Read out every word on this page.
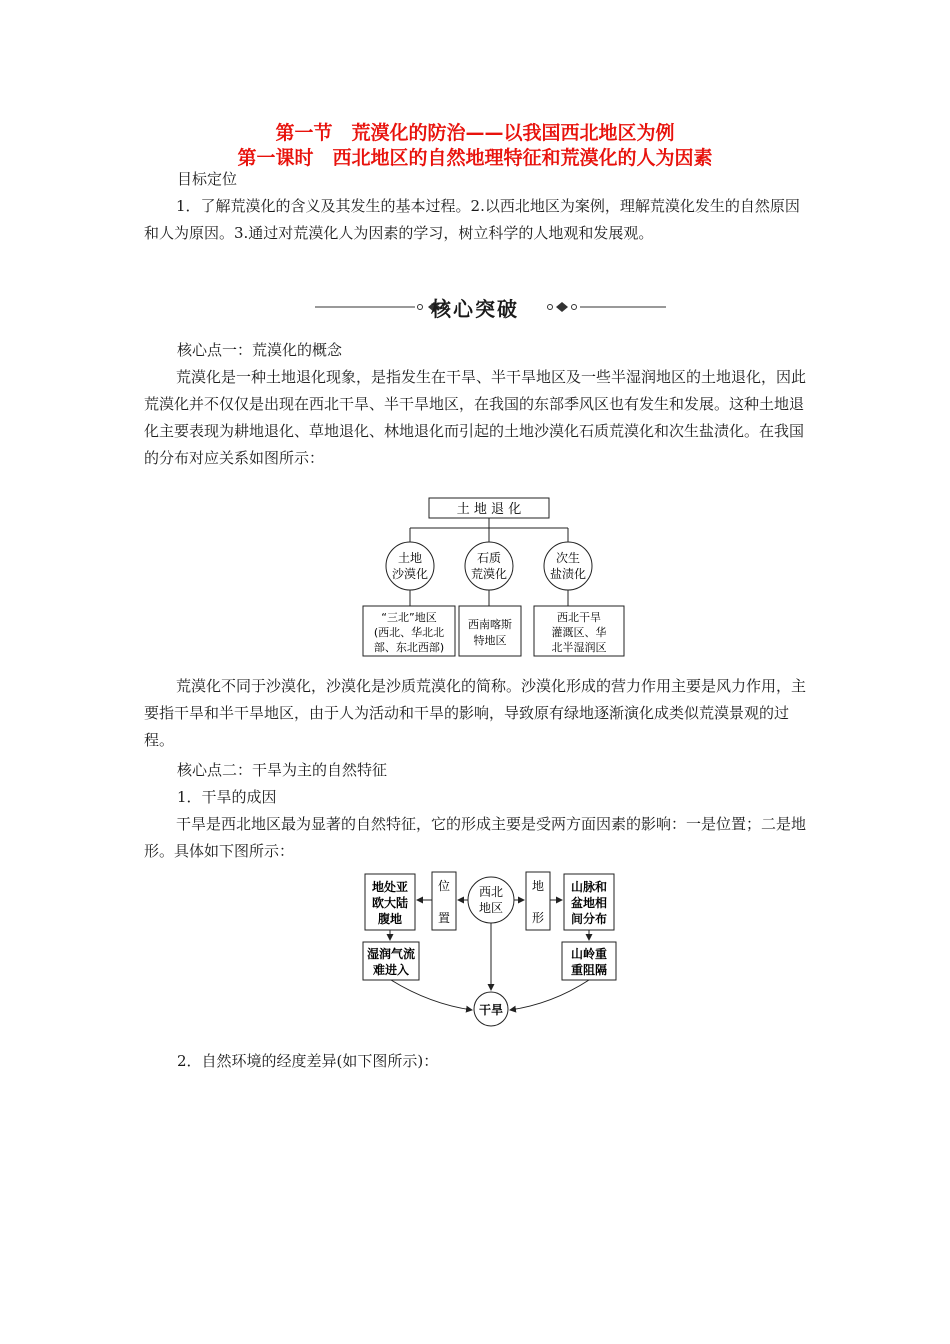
第一节　荒漠化的防治——以我国西北地区为例
第一课时　西北地区的自然地理特征和荒漠化的人为因素
目标定位
1．了解荒漠化的含义及其发生的基本过程。2.以西北地区为案例，理解荒漠化发生的自然原因和人为原因。3.通过对荒漠化人为因素的学习，树立科学的人地观和发展观。
核心突破
核心点一：荒漠化的概念
荒漠化是一种土地退化现象，是指发生在干旱、半干旱地区及一些半湿润地区的土地退化，因此荒漠化并不仅仅是出现在西北干旱、半干旱地区，在我国的东部季风区也有发生和发展。这种土地退化主要表现为耕地退化、草地退化、林地退化而引起的土地沙漠化石质荒漠化和次生盐渍化。在我国的分布对应关系如图所示：
土 地 退 化
土地
沙漠化
石质
荒漠化
次生
盐渍化
“三北”地区
(西北、华北北
部、东北西部)
西南喀斯
特地区
西北干旱
灌溉区、华
北半湿润区
荒漠化不同于沙漠化，沙漠化是沙质荒漠化的简称。沙漠化形成的营力作用主要是风力作用，主要指干旱和半干旱地区，由于人为活动和干旱的影响，导致原有绿地逐渐演化成类似荒漠景观的过程。
核心点二：干旱为主的自然特征
1．干旱的成因
干旱是西北地区最为显著的自然特征，它的形成主要是受两方面因素的影响：一是位置；二是地形。具体如下图所示：
地处亚
欧大陆
腹地
位
置
西北
地区
地
形
山脉和
盆地相
间分布
湿润气流
难进入
山岭重
重阻隔
干旱
2．自然环境的经度差异(如下图所示)：
